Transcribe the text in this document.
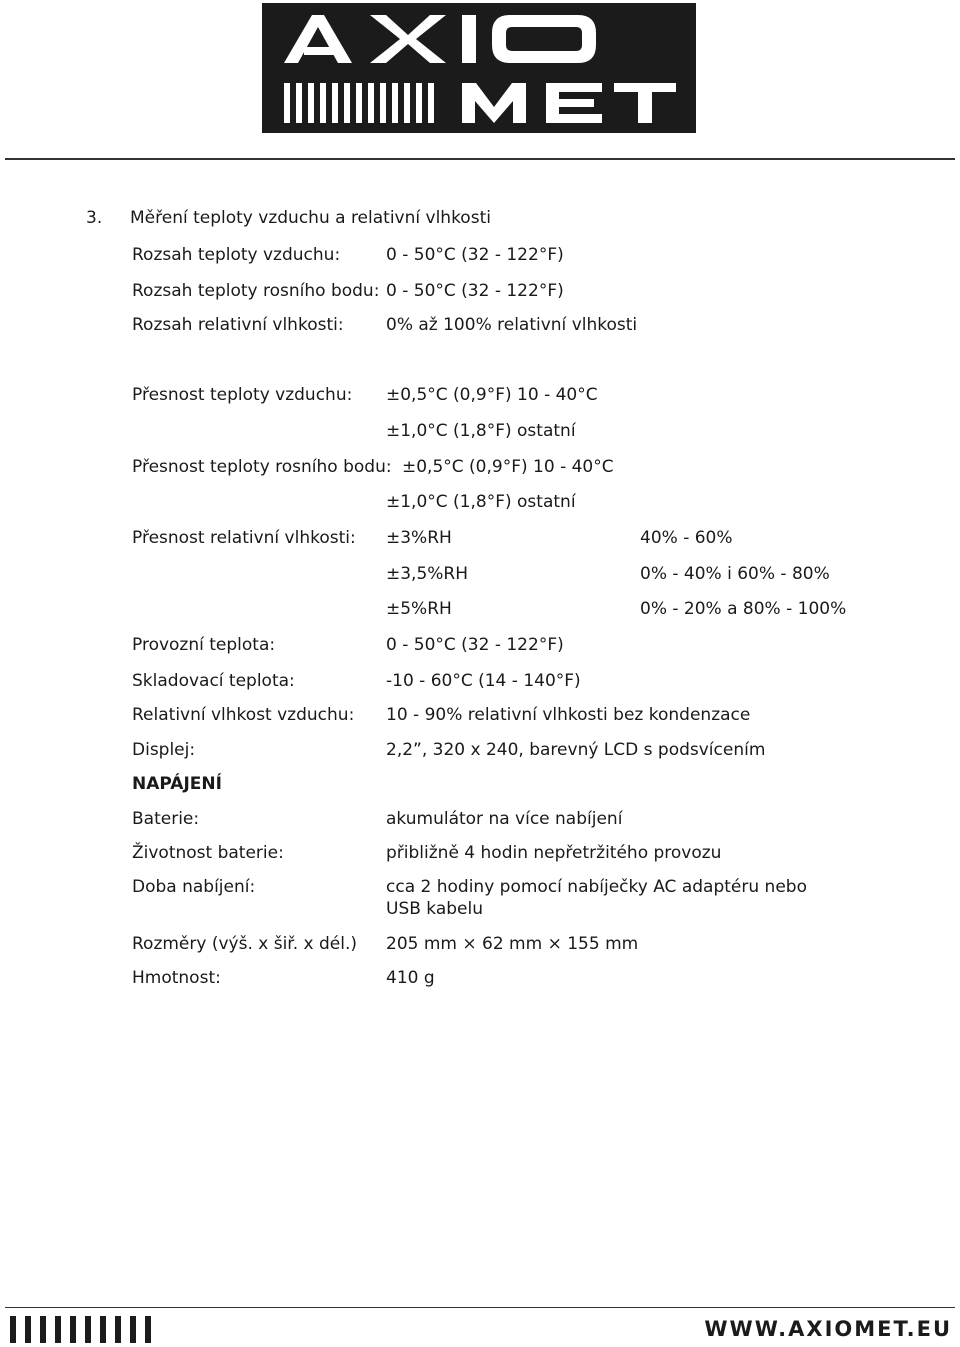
3. Měření teploty vzduchu a relativní vlhkosti
Rozsah teploty vzduchu:	0 - 50°C (32 - 122°F)
Rozsah teploty rosního bodu: 0 - 50°C (32 - 122°F)
Rozsah relativní vlhkosti: 0% až 100% relativní vlhkosti
Přesnost teploty vzduchu: ±0,5°C (0,9°F) 10 - 40°C
±1,0°C (1,8°F) ostatní
Přesnost teploty rosního bodu: ±0,5°C (0,9°F) 10 - 40°C
±1,0°C (1,8°F) ostatní
Přesnost relativní vlhkosti: ±3%RH	40% - 60%
±3,5%RH	0% - 40% i 60% - 80%
±5%RH	0% - 20% a 80% - 100%
Provozní teplota:	0 - 50°C (32 - 122°F)
Skladovací teplota:	-10 - 60°C (14 - 140°F)
Relativní vlhkost vzduchu: 10 - 90% relativní vlhkosti bez kondenzace
Displej:	2,2”, 320 x 240, barevný LCD s podsvícením
NAPÁJENÍ
Baterie:	akumulátor na více nabíjení
Životnost baterie:	přibližně 4 hodin nepřetržitého provozu
Doba nabíjení:	cca 2 hodiny pomocí nabíječky AC adaptéru nebo
USB kabelu
Rozměry (výš. x šiř. x dél.) 205 mm × 62 mm × 155 mm
Hmotnost:	410 g
WWW.AXIOMET.EU
